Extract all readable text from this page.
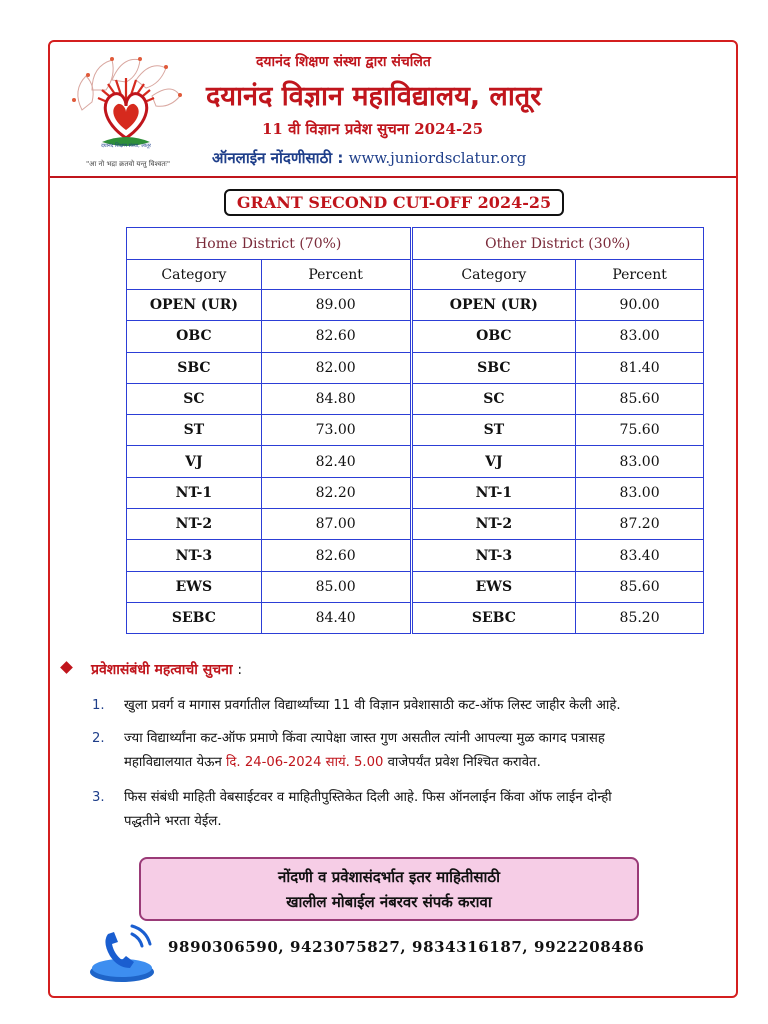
दयानंद शिक्षण संस्था, लातूर
"आ नो भद्रा क्रतवो यन्तु विश्वतः"
दयानंद शिक्षण संस्था द्वारा संचलित
दयानंद विज्ञान महाविद्यालय, लातूर
11 वी विज्ञान प्रवेश सुचना 2024-25
ऑनलाईन नोंदणीसाठी : www.juniordsclatur.org
GRANT SECOND CUT-OFF 2024-25
Home District (70%)		Other District (30%)	
Category	Percent	Category	Percent
OPEN (UR)	89.00	OPEN (UR)	90.00
OBC	82.60	OBC	83.00
SBC	82.00	SBC	81.40
SC	84.80	SC	85.60
ST	73.00	ST	75.60
VJ	82.40	VJ	83.00
NT-1	82.20	NT-1	83.00
NT-2	87.00	NT-2	87.20
NT-3	82.60	NT-3	83.40
EWS	85.00	EWS	85.60
SEBC	84.40	SEBC	85.20
प्रवेशासंबंधी महत्वाची सुचना :
1. खुला प्रवर्ग व मागास प्रवर्गातील विद्यार्थ्यांच्या 11 वी विज्ञान प्रवेशासाठी कट-ऑफ लिस्ट जाहीर केली आहे.
2. ज्या विद्यार्थ्यांना कट-ऑफ प्रमाणे किंवा त्यापेक्षा जास्त गुण असतील त्यांनी आपल्या मुळ कागद पत्रासह
महाविद्यालयात येऊन दि. 24-06-2024 सायं. 5.00 वाजेपर्यंत प्रवेश निश्चित करावेत.
3. फिस संबंधी माहिती वेबसाईटवर व माहितीपुस्तिकेत दिली आहे. फिस ऑनलाईन किंवा ऑफ लाईन दोन्ही
पद्धतीने भरता येईल.
नोंदणी व प्रवेशासंदर्भात इतर माहितीसाठी
खालील मोबाईल नंबरवर संपर्क करावा
9890306590, 9423075827, 9834316187, 9922208486
